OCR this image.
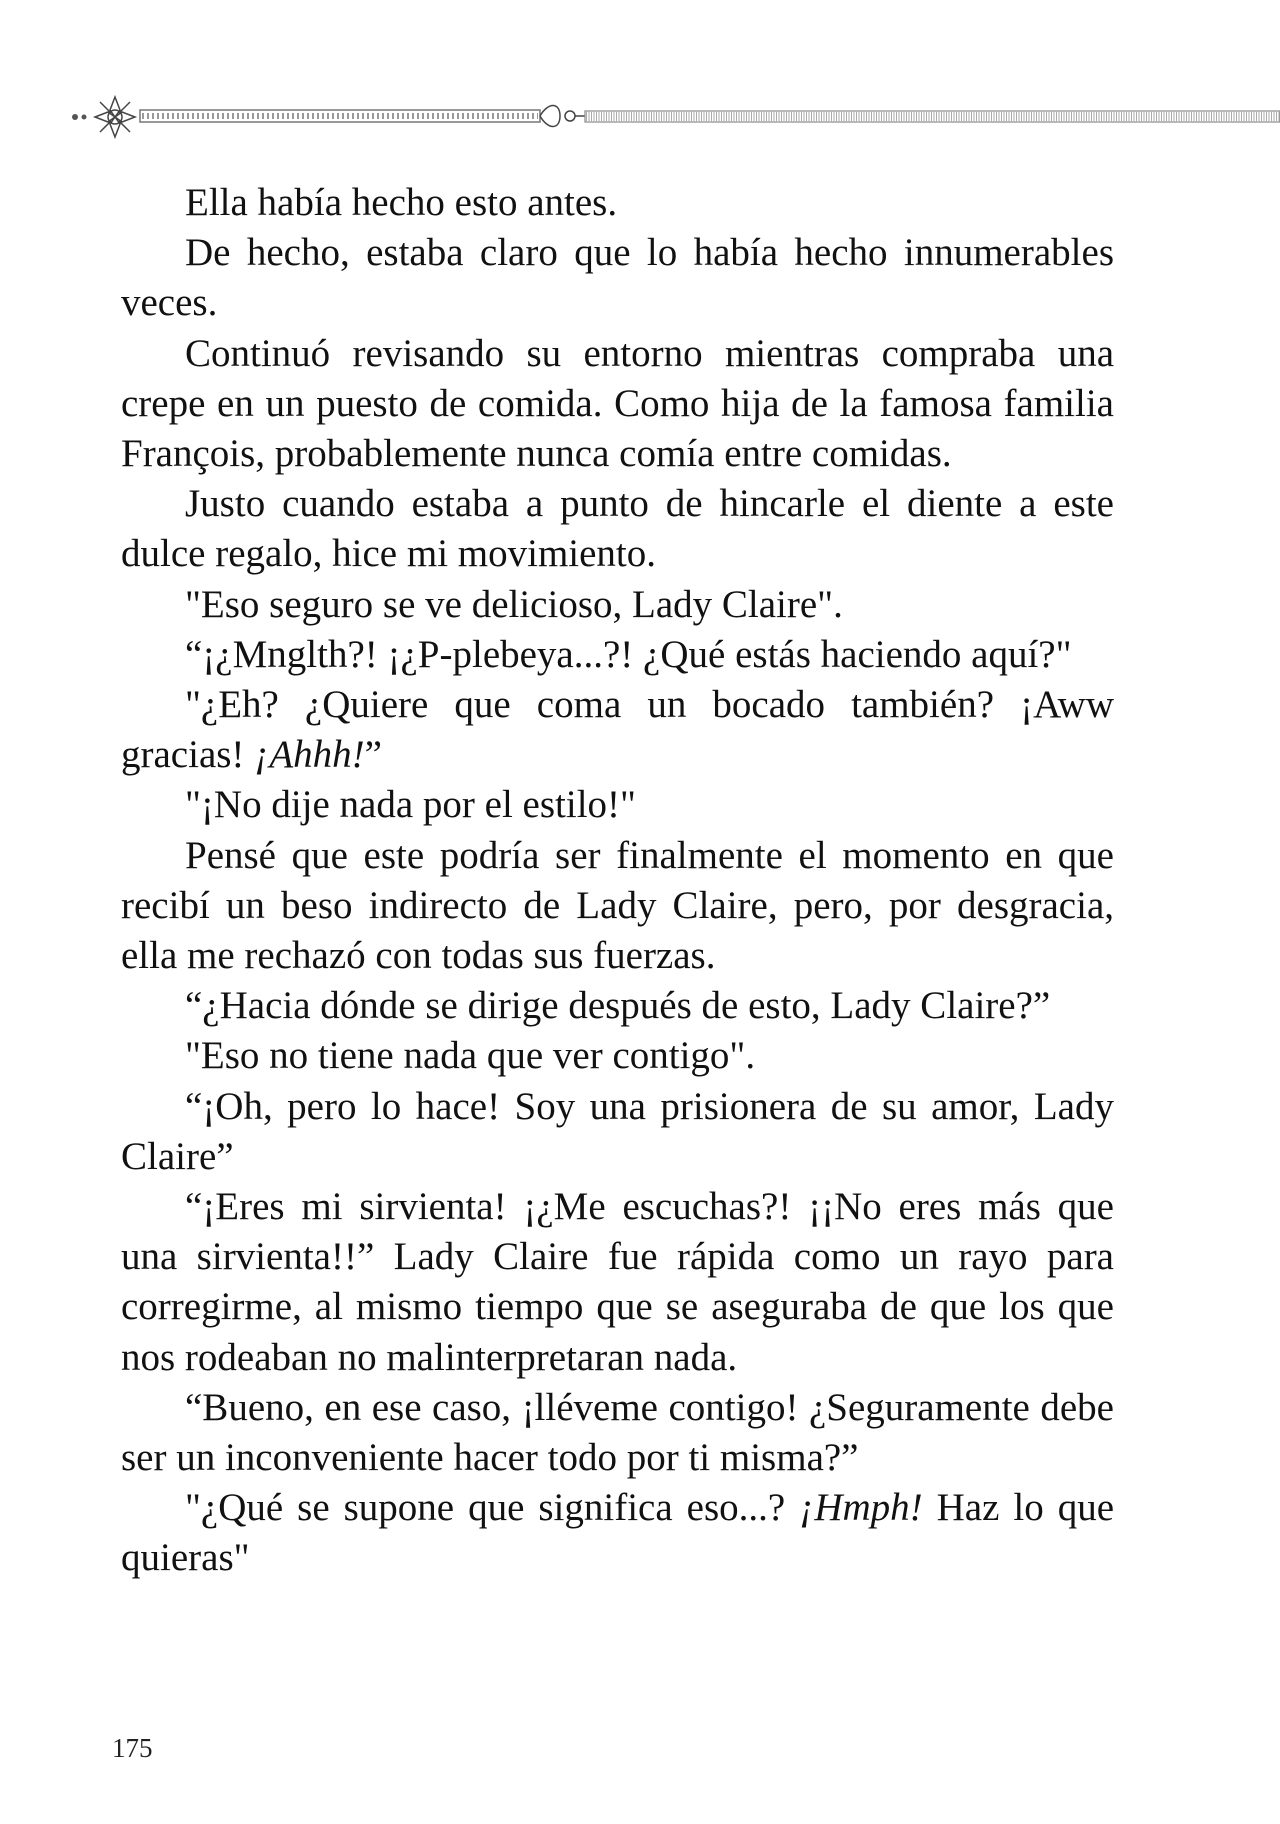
Ella había hecho esto antes.

De hecho, estaba claro que lo había hecho innumerables veces.

Continuó revisando su entorno mientras compraba una crepe en un puesto de comida. Como hija de la famosa familia François, probablemente nunca comía entre comidas.

Justo cuando estaba a punto de hincarle el diente a este dulce regalo, hice mi movimiento.

"Eso seguro se ve delicioso, Lady Claire".

“¡¿Mnglth?! ¡¿P-plebeya...?! ¿Qué estás haciendo aquí?"

"¿Eh? ¿Quiere que coma un bocado también? ¡Aww gracias! ¡Ahhh!”

"¡No dije nada por el estilo!"

Pensé que este podría ser finalmente el momento en que recibí un beso indirecto de Lady Claire, pero, por desgracia, ella me rechazó con todas sus fuerzas.

“¿Hacia dónde se dirige después de esto, Lady Claire?”

"Eso no tiene nada que ver contigo".

“¡Oh, pero lo hace! Soy una prisionera de su amor, Lady Claire”

“¡Eres mi sirvienta! ¡¿Me escuchas?! ¡¡No eres más que una sirvienta!!” Lady Claire fue rápida como un rayo para corregirme, al mismo tiempo que se aseguraba de que los que nos rodeaban no malinterpretaran nada.

“Bueno, en ese caso, ¡lléveme contigo! ¿Seguramente debe ser un inconveniente hacer todo por ti misma?”

"¿Qué se supone que significa eso...? ¡Hmph! Haz lo que quieras"

175
